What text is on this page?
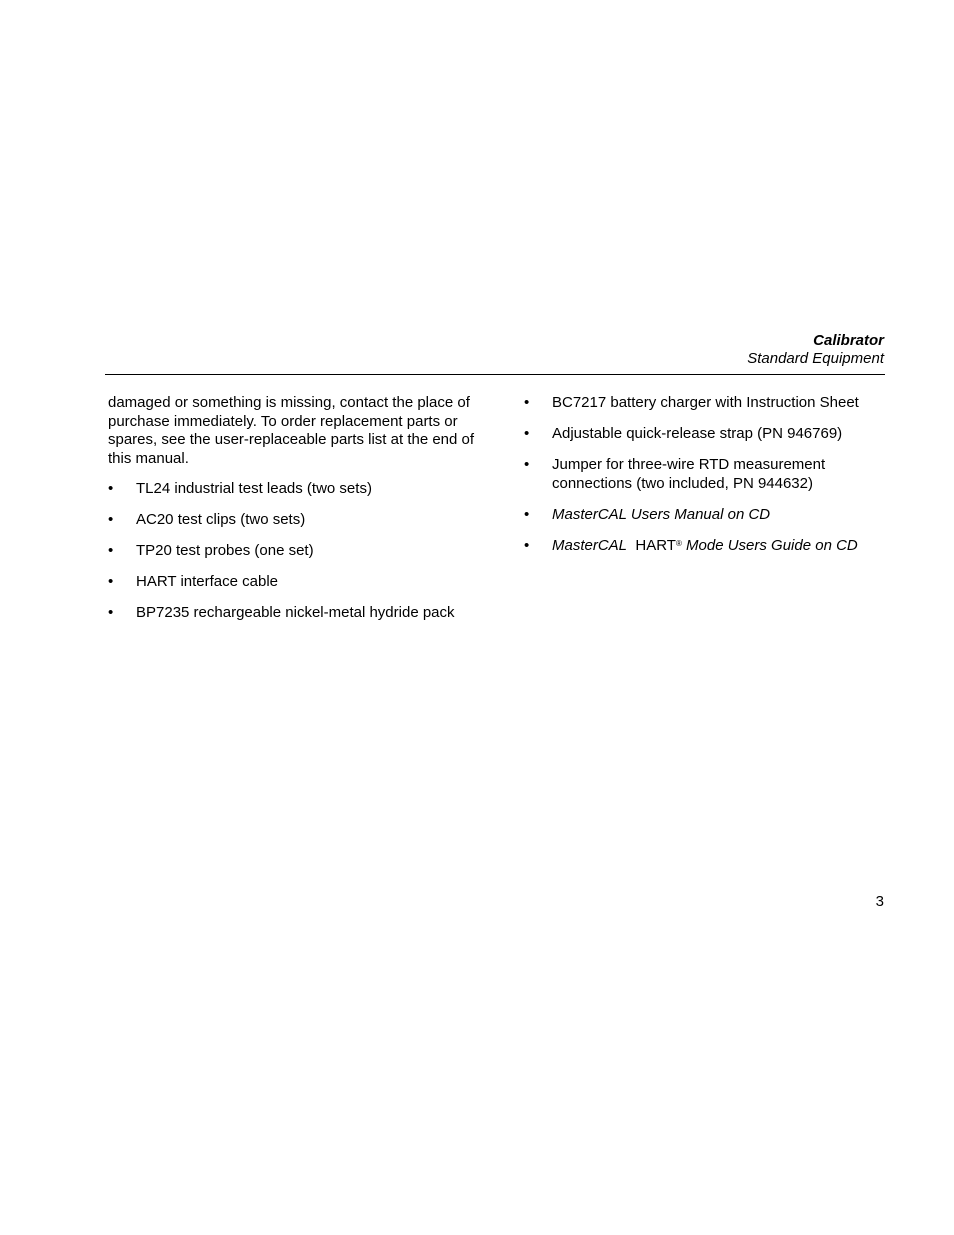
Calibrator
Standard Equipment

damaged or something is missing, contact the place of purchase immediately. To order replacement parts or spares, see the user-replaceable parts list at the end of this manual.

• TL24 industrial test leads (two sets)
• AC20 test clips (two sets)
• TP20 test probes (one set)
• HART interface cable
• BP7235 rechargeable nickel-metal hydride pack
• BC7217 battery charger with Instruction Sheet
• Adjustable quick-release strap (PN 946769)
• Jumper for three-wire RTD measurement connections (two included, PN 944632)
• MasterCAL Users Manual on CD
• MasterCAL HART® Mode Users Guide on CD
3
